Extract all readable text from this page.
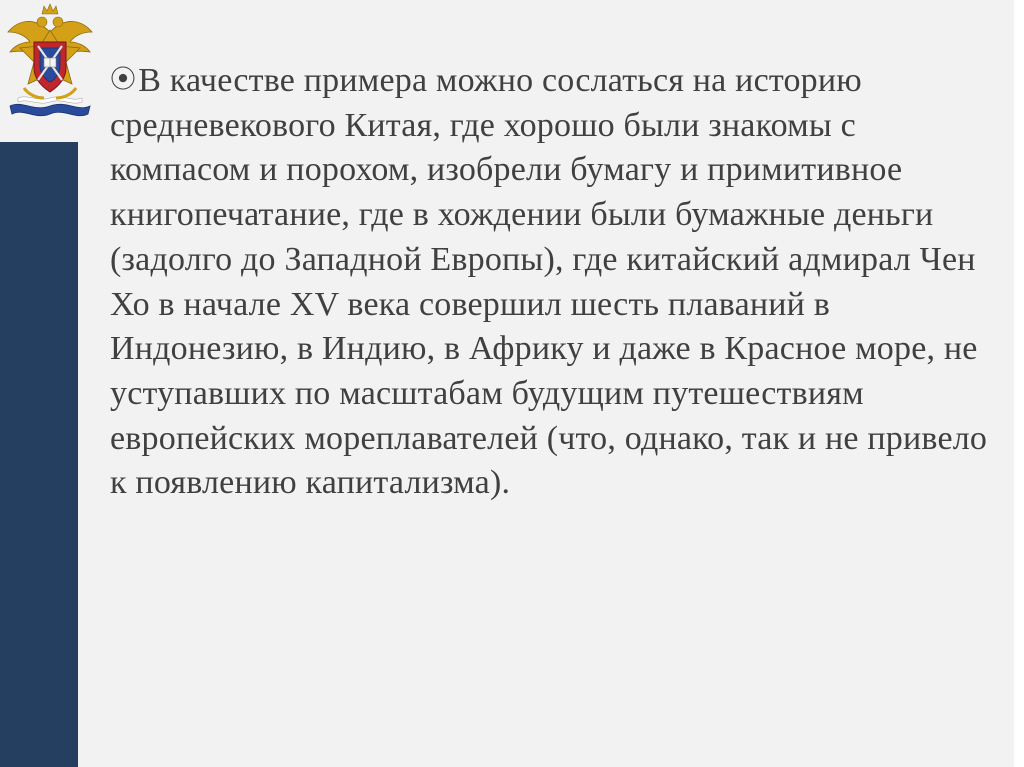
⦿В качестве примера можно сослаться на историю средневекового Китая, где хорошо были знакомы с компасом и порохом, изобрели бумагу и примитивное книгопечатание, где в хождении были бумажные деньги (задолго до Западной Европы), где китайский адмирал Чен Хо в начале XV века совершил шесть плаваний в Индонезию, в Индию, в Африку и даже в Красное море, не уступавших по масштабам будущим путешествиям европейских мореплавателей (что, однако, так и не привело к появлению капитализма).
